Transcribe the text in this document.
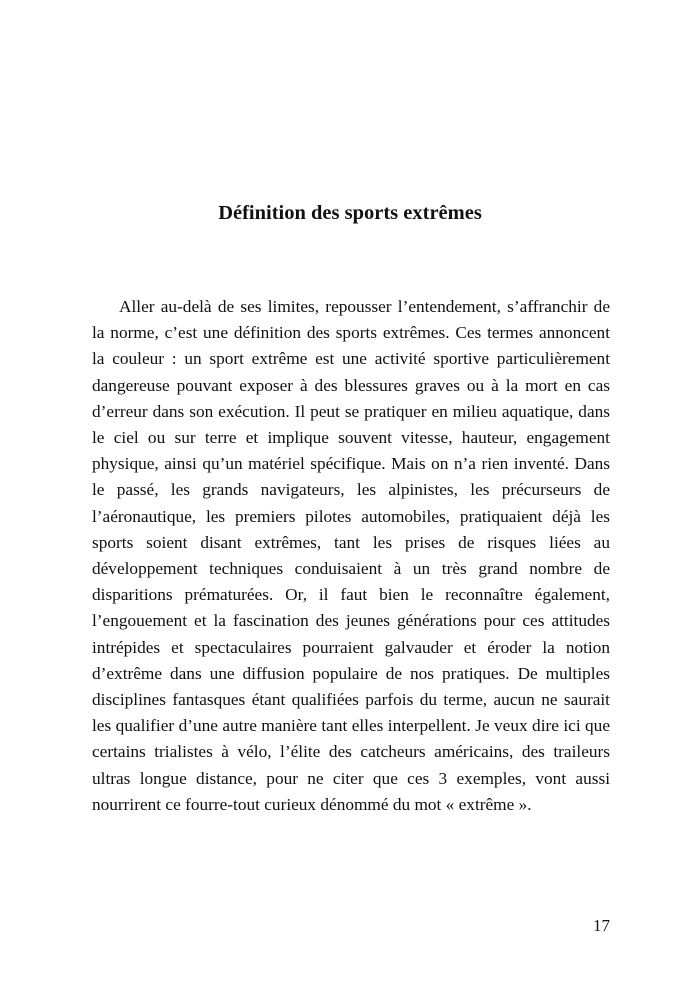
Définition des sports extrêmes

Aller au-delà de ses limites, repousser l’entendement, s’affranchir de la norme, c’est une définition des sports extrêmes. Ces termes annoncent la couleur : un sport extrême est une activité sportive particulièrement dangereuse pouvant exposer à des blessures graves ou à la mort en cas d’erreur dans son exécution. Il peut se pratiquer en milieu aquatique, dans le ciel ou sur terre et implique souvent vitesse, hauteur, engagement physique, ainsi qu’un matériel spécifique. Mais on n’a rien inventé. Dans le passé, les grands navigateurs, les alpinistes, les précurseurs de l’aéronautique, les premiers pilotes automobiles, pratiquaient déjà les sports soient disant extrêmes, tant les prises de risques liées au développement techniques conduisaient à un très grand nombre de disparitions prématurées. Or, il faut bien le reconnaître également, l’engouement et la fascination des jeunes générations pour ces attitudes intrépides et spectaculaires pourraient galvauder et éroder la notion d’extrême dans une diffusion populaire de nos pratiques. De multiples disciplines fantasques étant qualifiées parfois du terme, aucun ne saurait les qualifier d’une autre manière tant elles interpellent. Je veux dire ici que certains trialistes à vélo, l’élite des catcheurs américains, des traileurs ultras longue distance, pour ne citer que ces 3 exemples, vont aussi nourrirent ce fourre-tout curieux dénommé du mot « extrême ».

17
